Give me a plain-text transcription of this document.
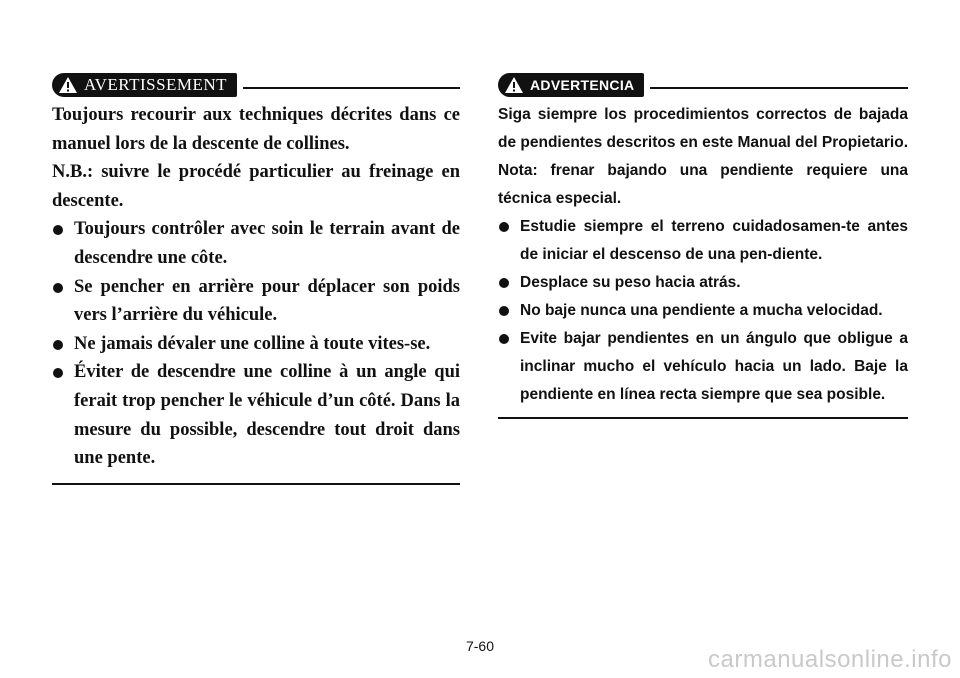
AVERTISSEMENT

Toujours recourir aux techniques décrites dans ce manuel lors de la descente de collines.

N.B.: suivre le procédé particulier au freinage en descente.

Toujours contrôler avec soin le terrain avant de descendre une côte.
Se pencher en arrière pour déplacer son poids vers l’arrière du véhicule.
Ne jamais dévaler une colline à toute vites-se.
Éviter de descendre une colline à un angle qui ferait trop pencher le véhicule d’un côté. Dans la mesure du possible, descendre tout droit dans une pente.
ADVERTENCIA

Siga siempre los procedimientos correctos de bajada de pendientes descritos en este Manual del Propietario.

Nota: frenar bajando una pendiente requiere una técnica especial.

Estudie siempre el terreno cuidadosamen-te antes de iniciar el descenso de una pen-diente.
Desplace su peso hacia atrás.
No baje nunca una pendiente a mucha velocidad.
Evite bajar pendientes en un ángulo que obligue a inclinar mucho el vehículo hacia un lado. Baje la pendiente en línea recta siempre que sea posible.
7-60	carmanualsonline.info
